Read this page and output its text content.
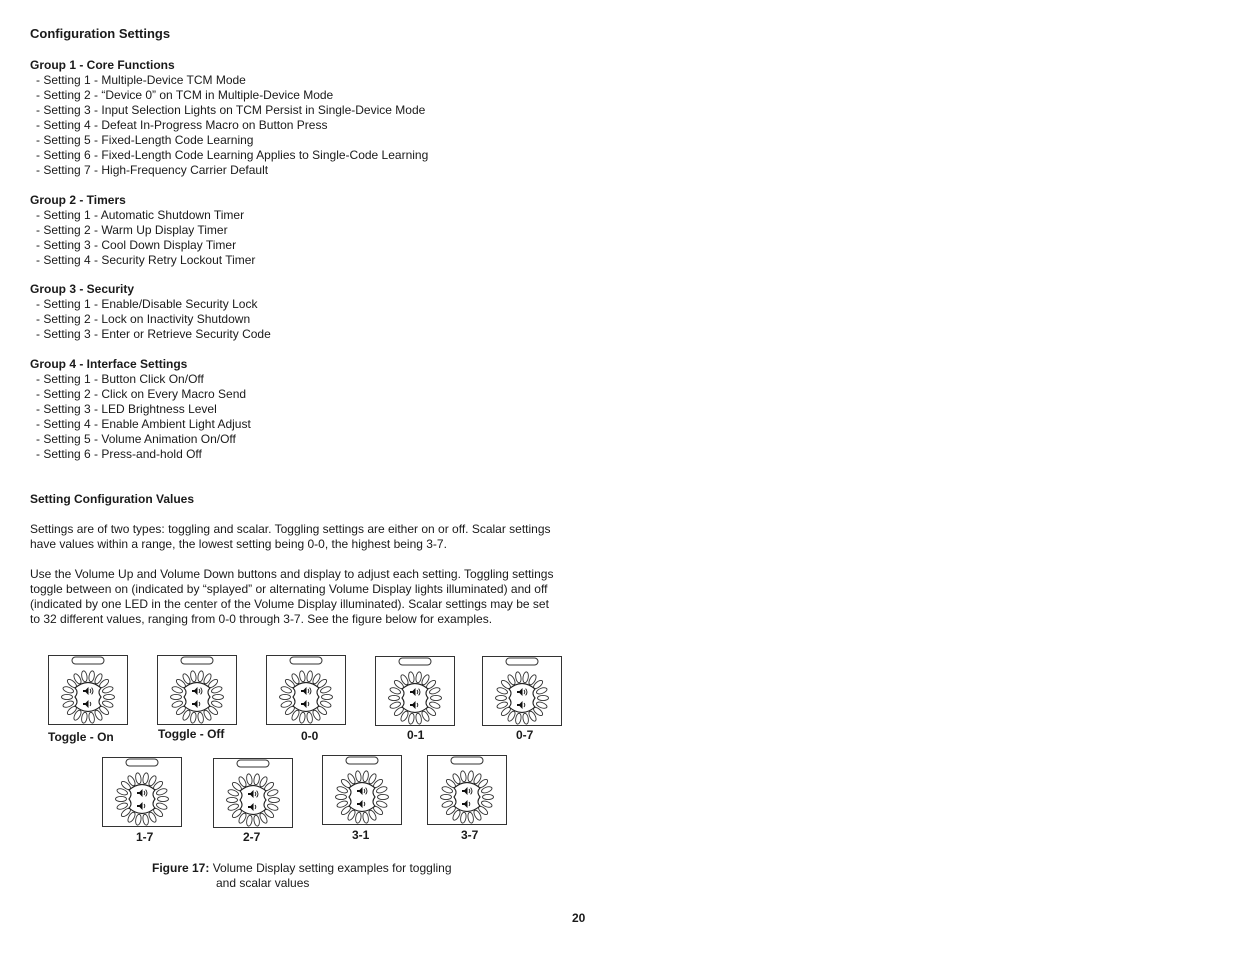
Configuration Settings
Group 1 - Core Functions
- Setting 1 - Multiple-Device TCM Mode
- Setting 2 - “Device 0” on TCM in Multiple-Device Mode
- Setting 3 - Input Selection Lights on TCM Persist in Single-Device Mode
- Setting 4 - Defeat In-Progress Macro on Button Press
- Setting 5 - Fixed-Length Code Learning
- Setting 6 - Fixed-Length Code Learning Applies to Single-Code Learning
- Setting 7 - High-Frequency Carrier Default
Group 2 - Timers
- Setting 1 - Automatic Shutdown Timer
- Setting 2 - Warm Up Display Timer
- Setting 3 - Cool Down Display Timer
- Setting 4 - Security Retry Lockout Timer
Group 3 - Security
- Setting 1 - Enable/Disable Security Lock
- Setting 2 - Lock on Inactivity Shutdown
- Setting 3 - Enter or Retrieve Security Code
Group 4 - Interface Settings
- Setting 1 - Button Click On/Off
- Setting 2 - Click on Every Macro Send
- Setting 3 - LED Brightness Level
- Setting 4 - Enable Ambient Light Adjust
- Setting 5 - Volume Animation On/Off
- Setting 6 - Press-and-hold Off
Setting Configuration Values
Settings are of two types: toggling and scalar. Toggling settings are either on or off. Scalar settings
have values within a range, the lowest setting being 0-0, the highest being 3-7.
Use the Volume Up and Volume Down buttons and display to adjust each setting. Toggling settings
toggle between on (indicated by “splayed” or alternating Volume Display lights illuminated) and off
(indicated by one LED in the center of the Volume Display illuminated). Scalar settings may be set
to 32 different values, ranging from 0-0 through 3-7. See the figure below for examples.
Figure 17: Volume Display setting examples for toggling
and scalar values
20
Toggle - On	Toggle - Off	0-0	0-1	0-7
1-7	2-7	3-1	3-7
